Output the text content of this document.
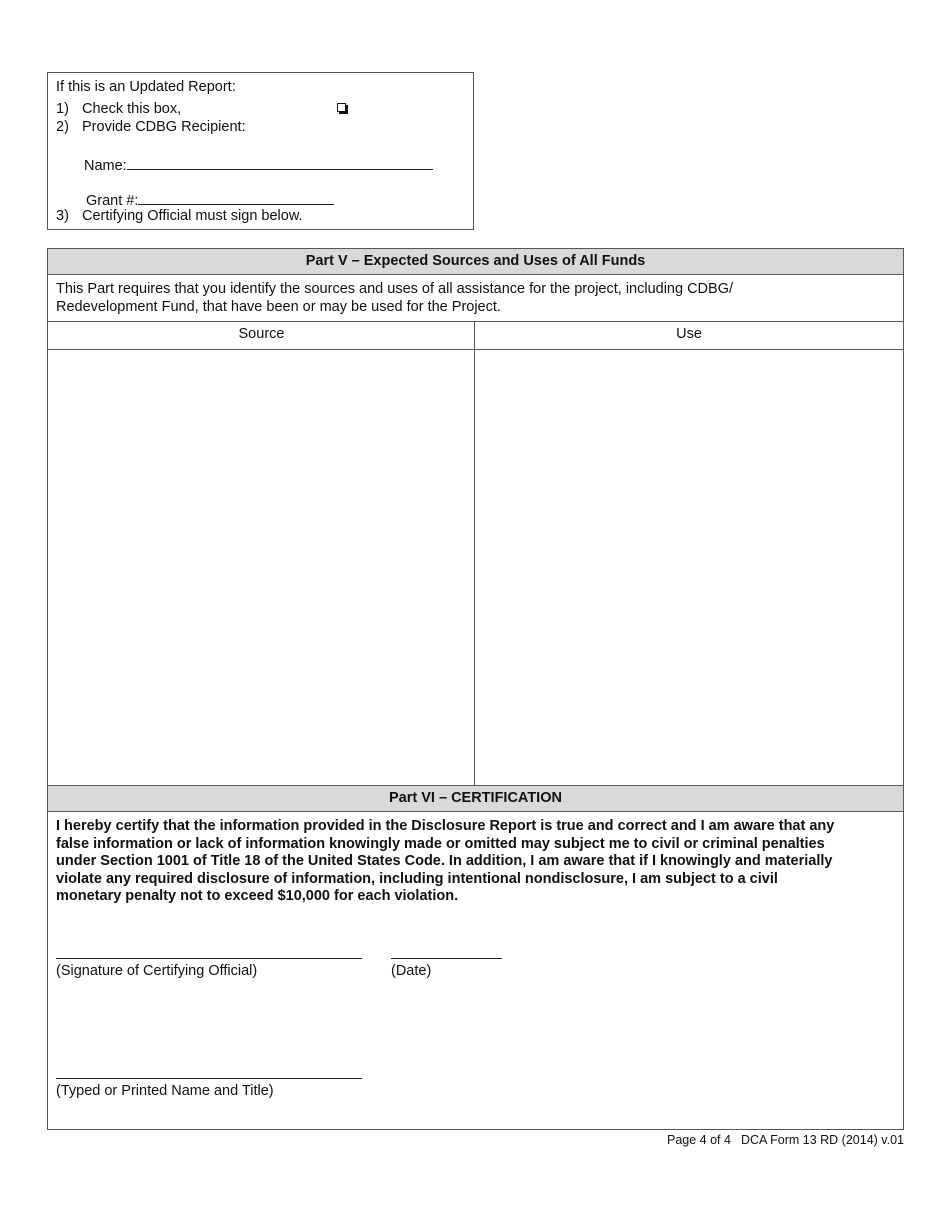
If this is an Updated Report:
1) Check this box,
2) Provide CDBG Recipient:
Name:
Grant #:
3) Certifying Official must sign below.
Part V – Expected Sources and Uses of All Funds
This Part requires that you identify the sources and uses of all assistance for the project, including CDBG/
Redevelopment Fund, that have been or may be used for the Project.
Source	Use
Part VI – CERTIFICATION
I hereby certify that the information provided in the Disclosure Report is true and correct and I am aware that any
false information or lack of information knowingly made or omitted may subject me to civil or criminal penalties
under Section 1001 of Title 18 of the United States Code. In addition, I am aware that if I knowingly and materially
violate any required disclosure of information, including intentional nondisclosure, I am subject to a civil
monetary penalty not to exceed $10,000 for each violation.
(Signature of Certifying Official)	(Date)
(Typed or Printed Name and Title)
Page 4 of 4 DCA Form 13 RD (2014) v.01
